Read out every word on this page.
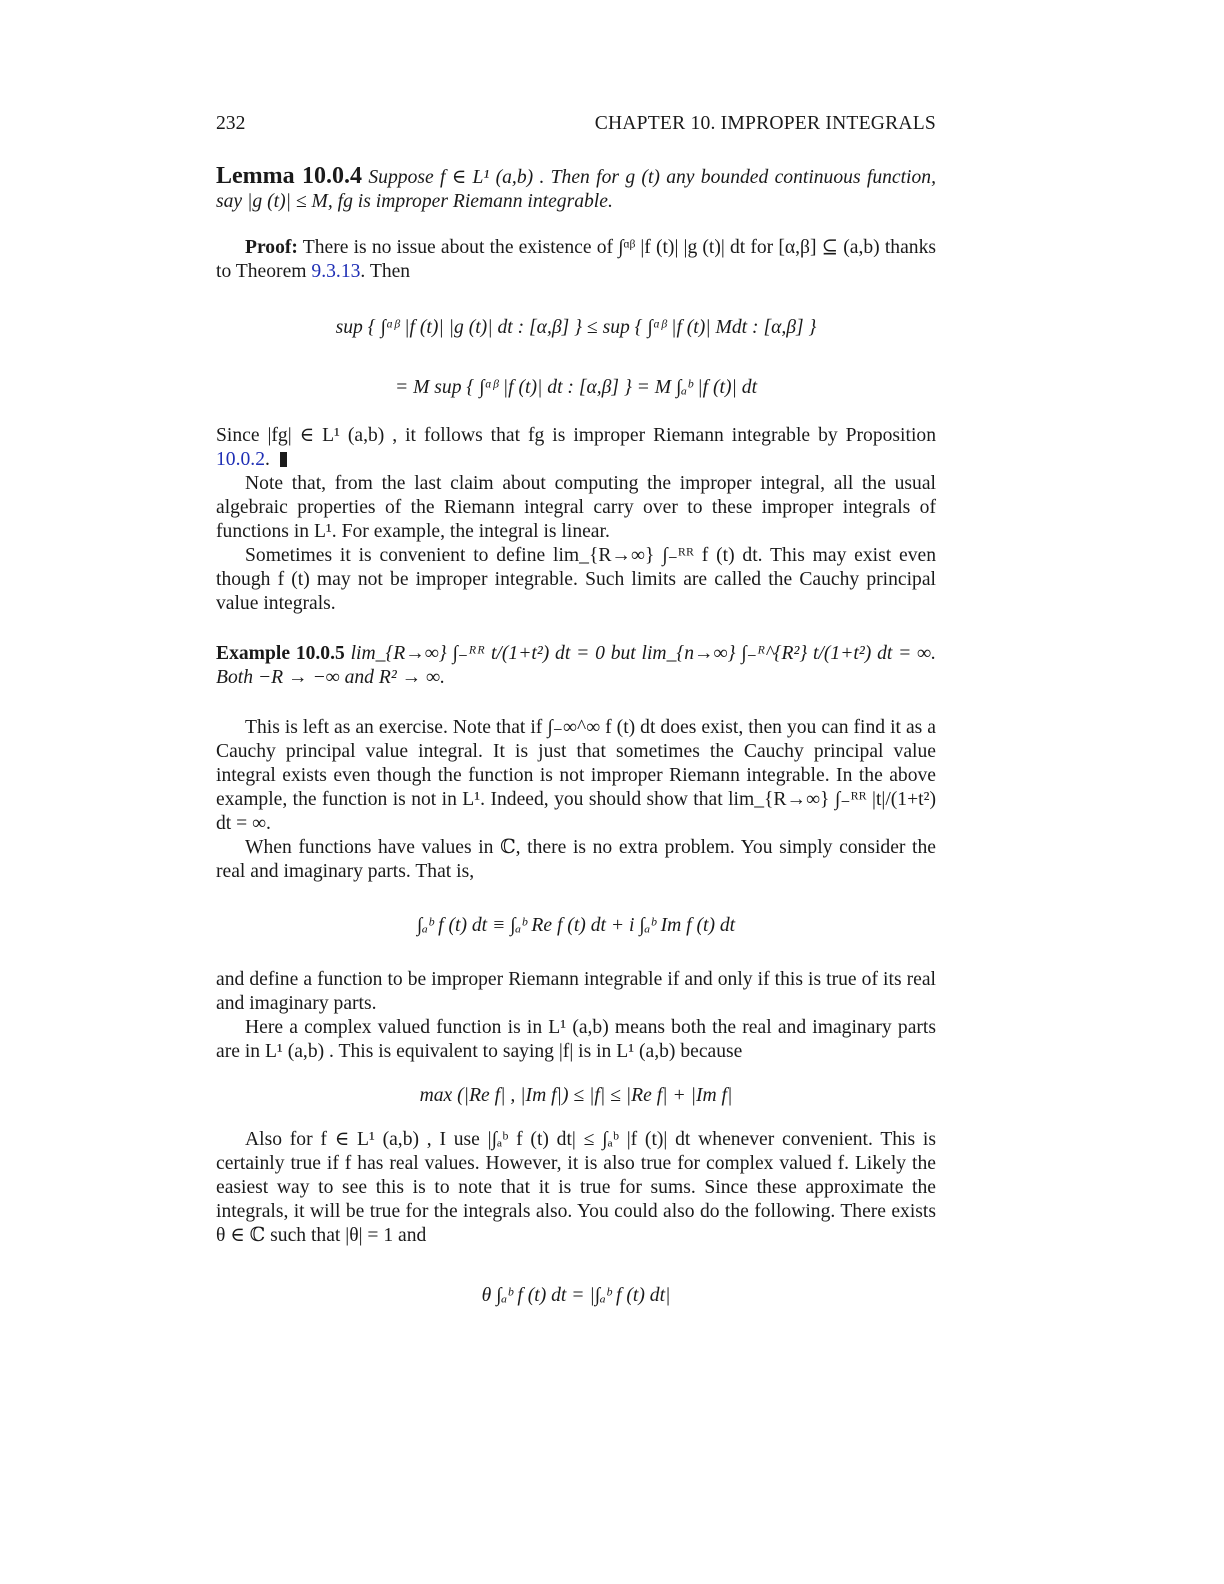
232	CHAPTER 10. IMPROPER INTEGRALS

Lemma 10.0.4 Suppose f ∈ L¹ (a,b) . Then for g (t) any bounded continuous function, say |g (t)| ≤ M, fg is improper Riemann integrable.

Proof: There is no issue about the existence of ∫ᵅᵝ |f (t)| |g (t)| dt for [α,β] ⊆ (a,b) thanks to Theorem 9.3.13. Then

sup { ∫ᵅᵝ |f (t)| |g (t)| dt : [α,β] } ≤ sup { ∫ᵅᵝ |f (t)| Mdt : [α,β] }
= M sup { ∫ᵅᵝ |f (t)| dt : [α,β] } = M ∫ₐᵇ |f (t)| dt

Since |fg| ∈ L¹ (a,b) , it follows that fg is improper Riemann integrable by Proposition 10.0.2.

Note that, from the last claim about computing the improper integral, all the usual algebraic properties of the Riemann integral carry over to these improper integrals of functions in L¹. For example, the integral is linear.

Sometimes it is convenient to define lim_{R→∞} ∫₋ᴿᴿ f (t) dt. This may exist even though f (t) may not be improper integrable. Such limits are called the Cauchy principal value integrals.

Example 10.0.5 lim_{R→∞} ∫₋ᴿᴿ t/(1+t²) dt = 0 but lim_{n→∞} ∫₋ᴿ^{R²} t/(1+t²) dt = ∞. Both −R → −∞ and R² → ∞.

This is left as an exercise. Note that if ∫₋∞^∞ f (t) dt does exist, then you can find it as a Cauchy principal value integral. It is just that sometimes the Cauchy principal value integral exists even though the function is not improper Riemann integrable. In the above example, the function is not in L¹. Indeed, you should show that lim_{R→∞} ∫₋ᴿᴿ |t|/(1+t²) dt = ∞.

When functions have values in ℂ, there is no extra problem. You simply consider the real and imaginary parts. That is,

∫ₐᵇ f (t) dt ≡ ∫ₐᵇ Re f (t) dt + i ∫ₐᵇ Im f (t) dt

and define a function to be improper Riemann integrable if and only if this is true of its real and imaginary parts.

Here a complex valued function is in L¹ (a,b) means both the real and imaginary parts are in L¹ (a,b) . This is equivalent to saying |f| is in L¹ (a,b) because

max (|Re f| , |Im f|) ≤ |f| ≤ |Re f| + |Im f|

Also for f ∈ L¹ (a,b) , I use |∫ₐᵇ f (t) dt| ≤ ∫ₐᵇ |f (t)| dt whenever convenient. This is certainly true if f has real values. However, it is also true for complex valued f. Likely the easiest way to see this is to note that it is true for sums. Since these approximate the integrals, it will be true for the integrals also. You could also do the following. There exists θ ∈ ℂ such that |θ| = 1 and

θ ∫ₐᵇ f (t) dt = |∫ₐᵇ f (t) dt|
